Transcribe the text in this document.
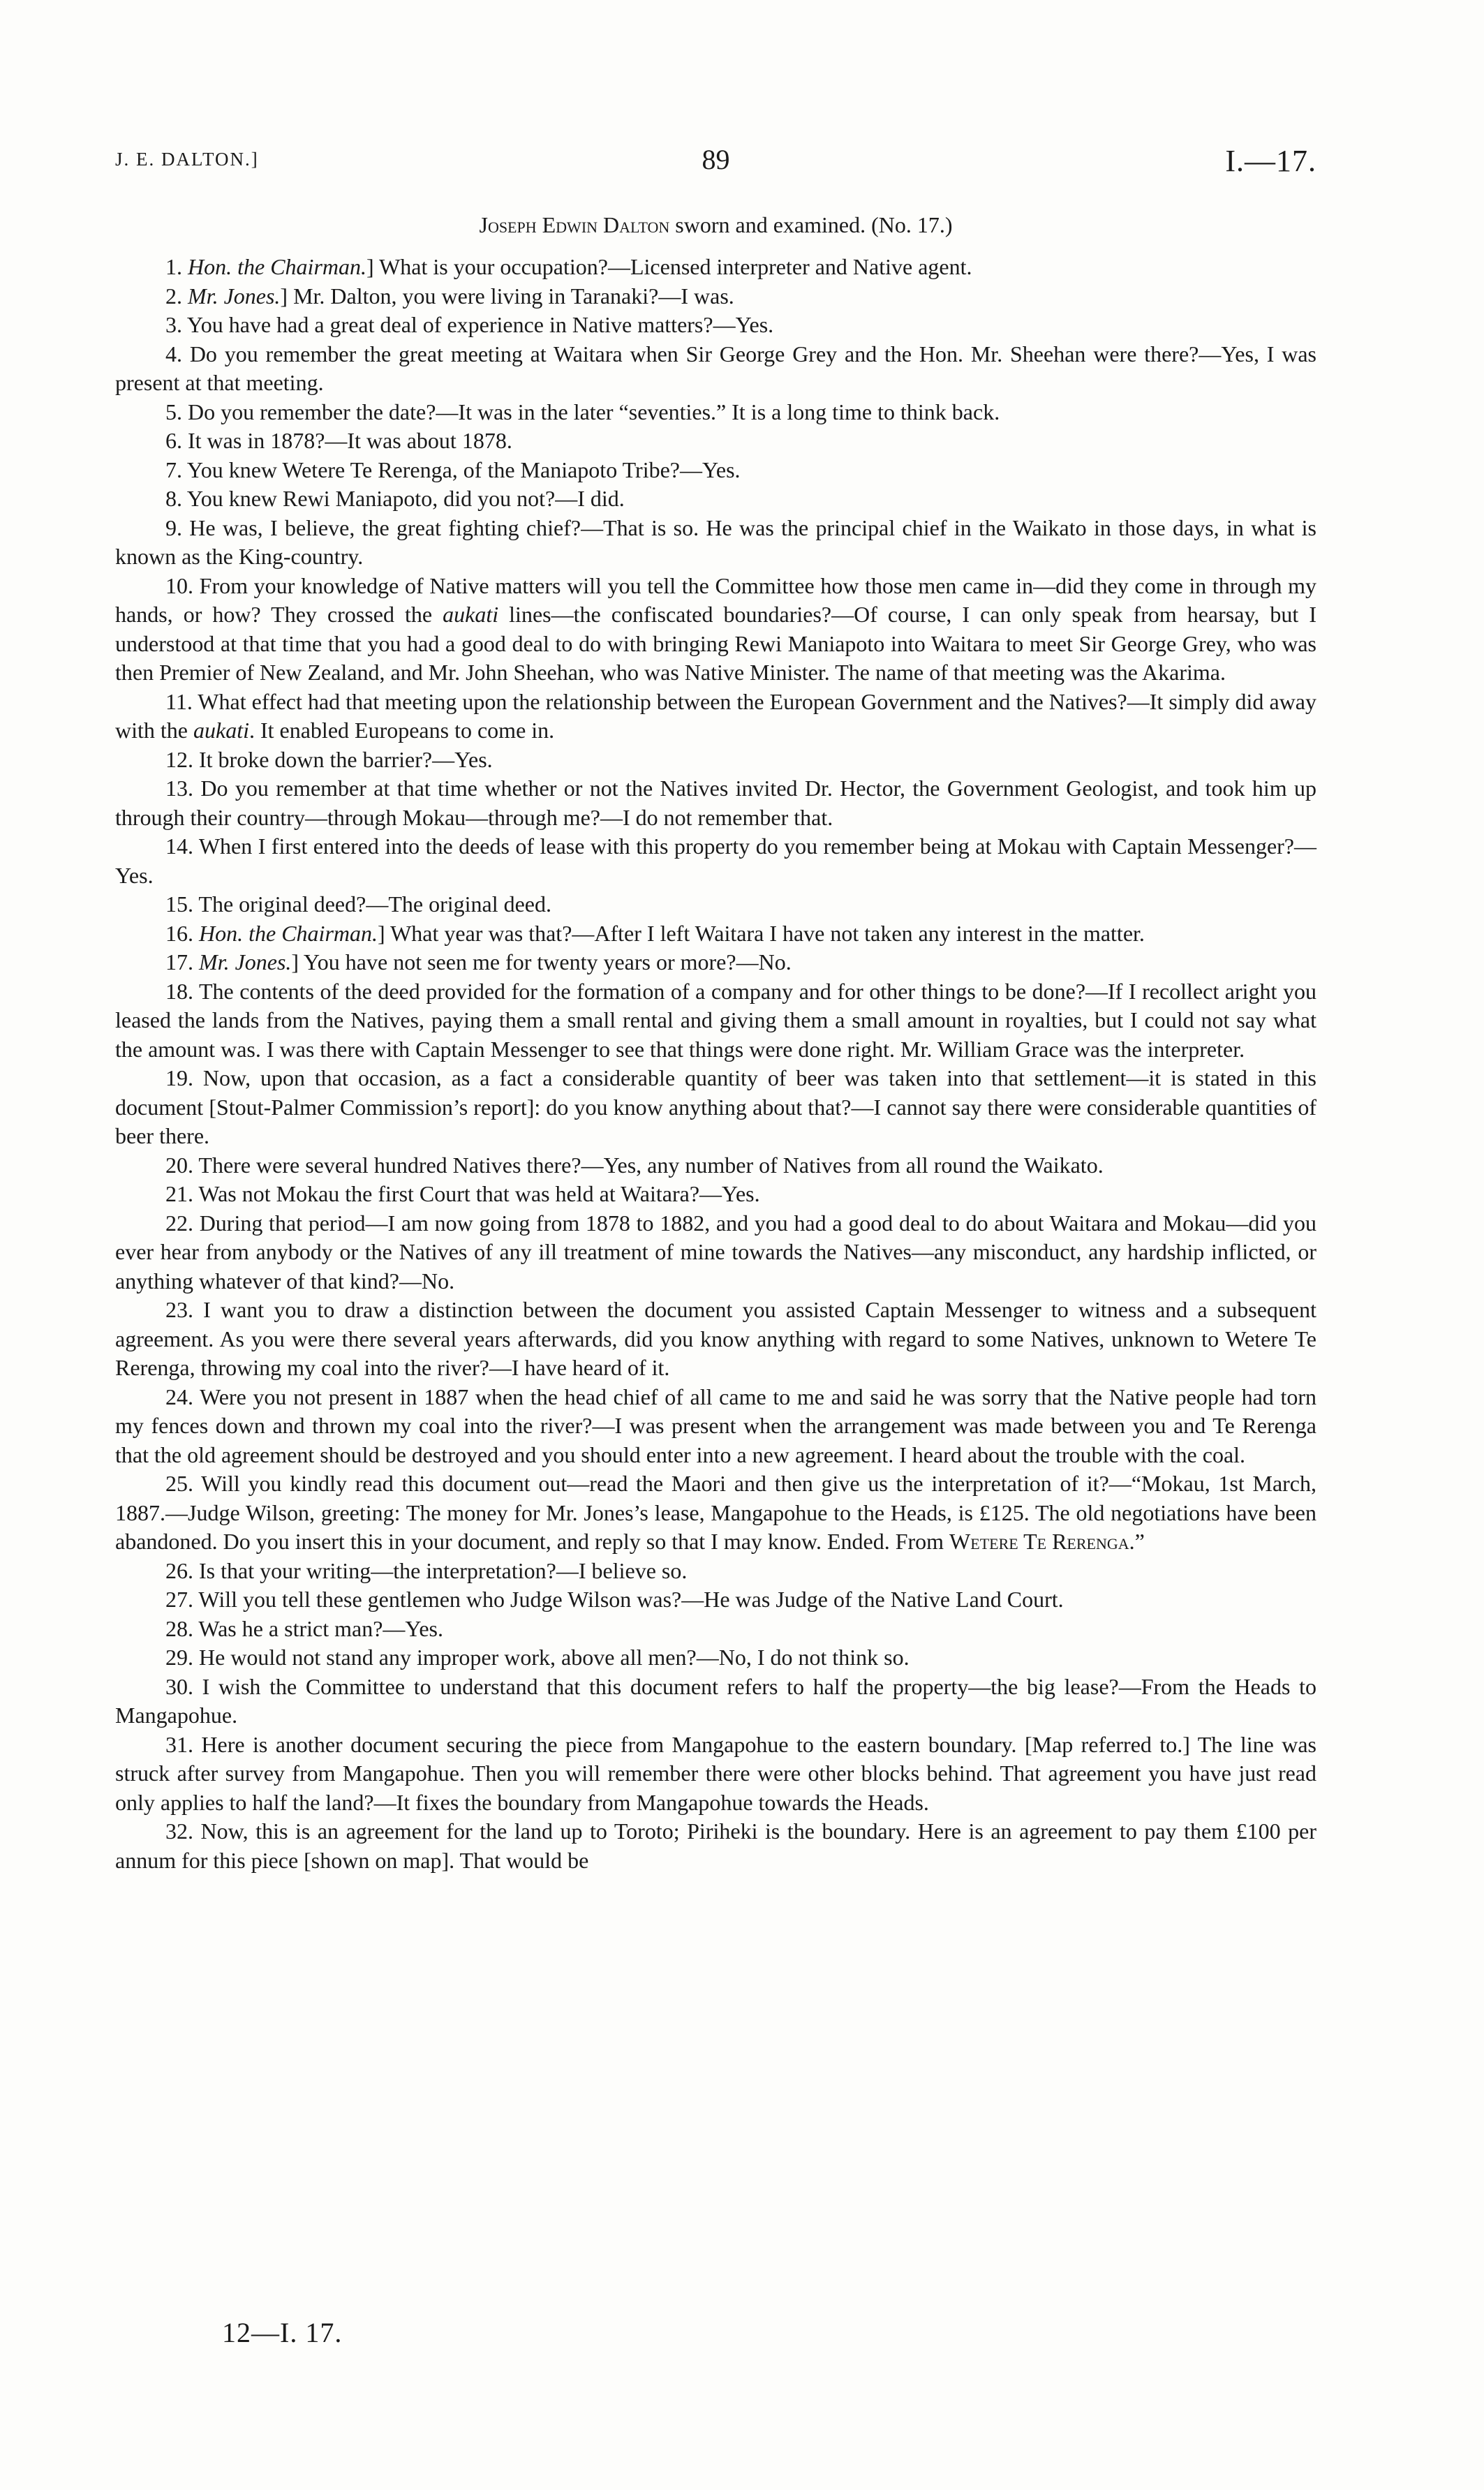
J. E. DALTON.]	89	I.—17.
Joseph Edwin Dalton sworn and examined. (No. 17.)

1. Hon. the Chairman.] What is your occupation?—Licensed interpreter and Native agent.

2. Mr. Jones.] Mr. Dalton, you were living in Taranaki?—I was.

3. You have had a great deal of experience in Native matters?—Yes.

4. Do you remember the great meeting at Waitara when Sir George Grey and the Hon. Mr. Sheehan were there?—Yes, I was present at that meeting.

5. Do you remember the date?—It was in the later “seventies.” It is a long time to think back.

6. It was in 1878?—It was about 1878.

7. You knew Wetere Te Rerenga, of the Maniapoto Tribe?—Yes.

8. You knew Rewi Maniapoto, did you not?—I did.

9. He was, I believe, the great fighting chief?—That is so. He was the principal chief in the Waikato in those days, in what is known as the King-country.

10. From your knowledge of Native matters will you tell the Committee how those men came in—did they come in through my hands, or how? They crossed the aukati lines—the confiscated boundaries?—Of course, I can only speak from hearsay, but I understood at that time that you had a good deal to do with bringing Rewi Maniapoto into Waitara to meet Sir George Grey, who was then Premier of New Zealand, and Mr. John Sheehan, who was Native Minister. The name of that meeting was the Akarima.

11. What effect had that meeting upon the relationship between the European Government and the Natives?—It simply did away with the aukati. It enabled Europeans to come in.

12. It broke down the barrier?—Yes.

13. Do you remember at that time whether or not the Natives invited Dr. Hector, the Government Geologist, and took him up through their country—through Mokau—through me?—I do not remember that.

14. When I first entered into the deeds of lease with this property do you remember being at Mokau with Captain Messenger?—Yes.

15. The original deed?—The original deed.

16. Hon. the Chairman.] What year was that?—After I left Waitara I have not taken any interest in the matter.

17. Mr. Jones.] You have not seen me for twenty years or more?—No.

18. The contents of the deed provided for the formation of a company and for other things to be done?—If I recollect aright you leased the lands from the Natives, paying them a small rental and giving them a small amount in royalties, but I could not say what the amount was. I was there with Captain Messenger to see that things were done right. Mr. William Grace was the interpreter.

19. Now, upon that occasion, as a fact a considerable quantity of beer was taken into that settlement—it is stated in this document [Stout-Palmer Commission’s report]: do you know anything about that?—I cannot say there were considerable quantities of beer there.

20. There were several hundred Natives there?—Yes, any number of Natives from all round the Waikato.

21. Was not Mokau the first Court that was held at Waitara?—Yes.

22. During that period—I am now going from 1878 to 1882, and you had a good deal to do about Waitara and Mokau—did you ever hear from anybody or the Natives of any ill treatment of mine towards the Natives—any misconduct, any hardship inflicted, or anything whatever of that kind?—No.

23. I want you to draw a distinction between the document you assisted Captain Messenger to witness and a subsequent agreement. As you were there several years afterwards, did you know anything with regard to some Natives, unknown to Wetere Te Rerenga, throwing my coal into the river?—I have heard of it.

24. Were you not present in 1887 when the head chief of all came to me and said he was sorry that the Native people had torn my fences down and thrown my coal into the river?—I was present when the arrangement was made between you and Te Rerenga that the old agreement should be destroyed and you should enter into a new agreement. I heard about the trouble with the coal.

25. Will you kindly read this document out—read the Maori and then give us the interpretation of it?—“Mokau, 1st March, 1887.—Judge Wilson, greeting: The money for Mr. Jones’s lease, Mangapohue to the Heads, is £125. The old negotiations have been abandoned. Do you insert this in your document, and reply so that I may know. Ended. From Wetere Te Rerenga.”

26. Is that your writing—the interpretation?—I believe so.

27. Will you tell these gentlemen who Judge Wilson was?—He was Judge of the Native Land Court.

28. Was he a strict man?—Yes.

29. He would not stand any improper work, above all men?—No, I do not think so.

30. I wish the Committee to understand that this document refers to half the property—the big lease?—From the Heads to Mangapohue.

31. Here is another document securing the piece from Mangapohue to the eastern boundary. [Map referred to.] The line was struck after survey from Mangapohue. Then you will remember there were other blocks behind. That agreement you have just read only applies to half the land?—It fixes the boundary from Mangapohue towards the Heads.

32. Now, this is an agreement for the land up to Toroto; Piriheki is the boundary. Here is an agreement to pay them £100 per annum for this piece [shown on map]. That would be

12—I. 17.
